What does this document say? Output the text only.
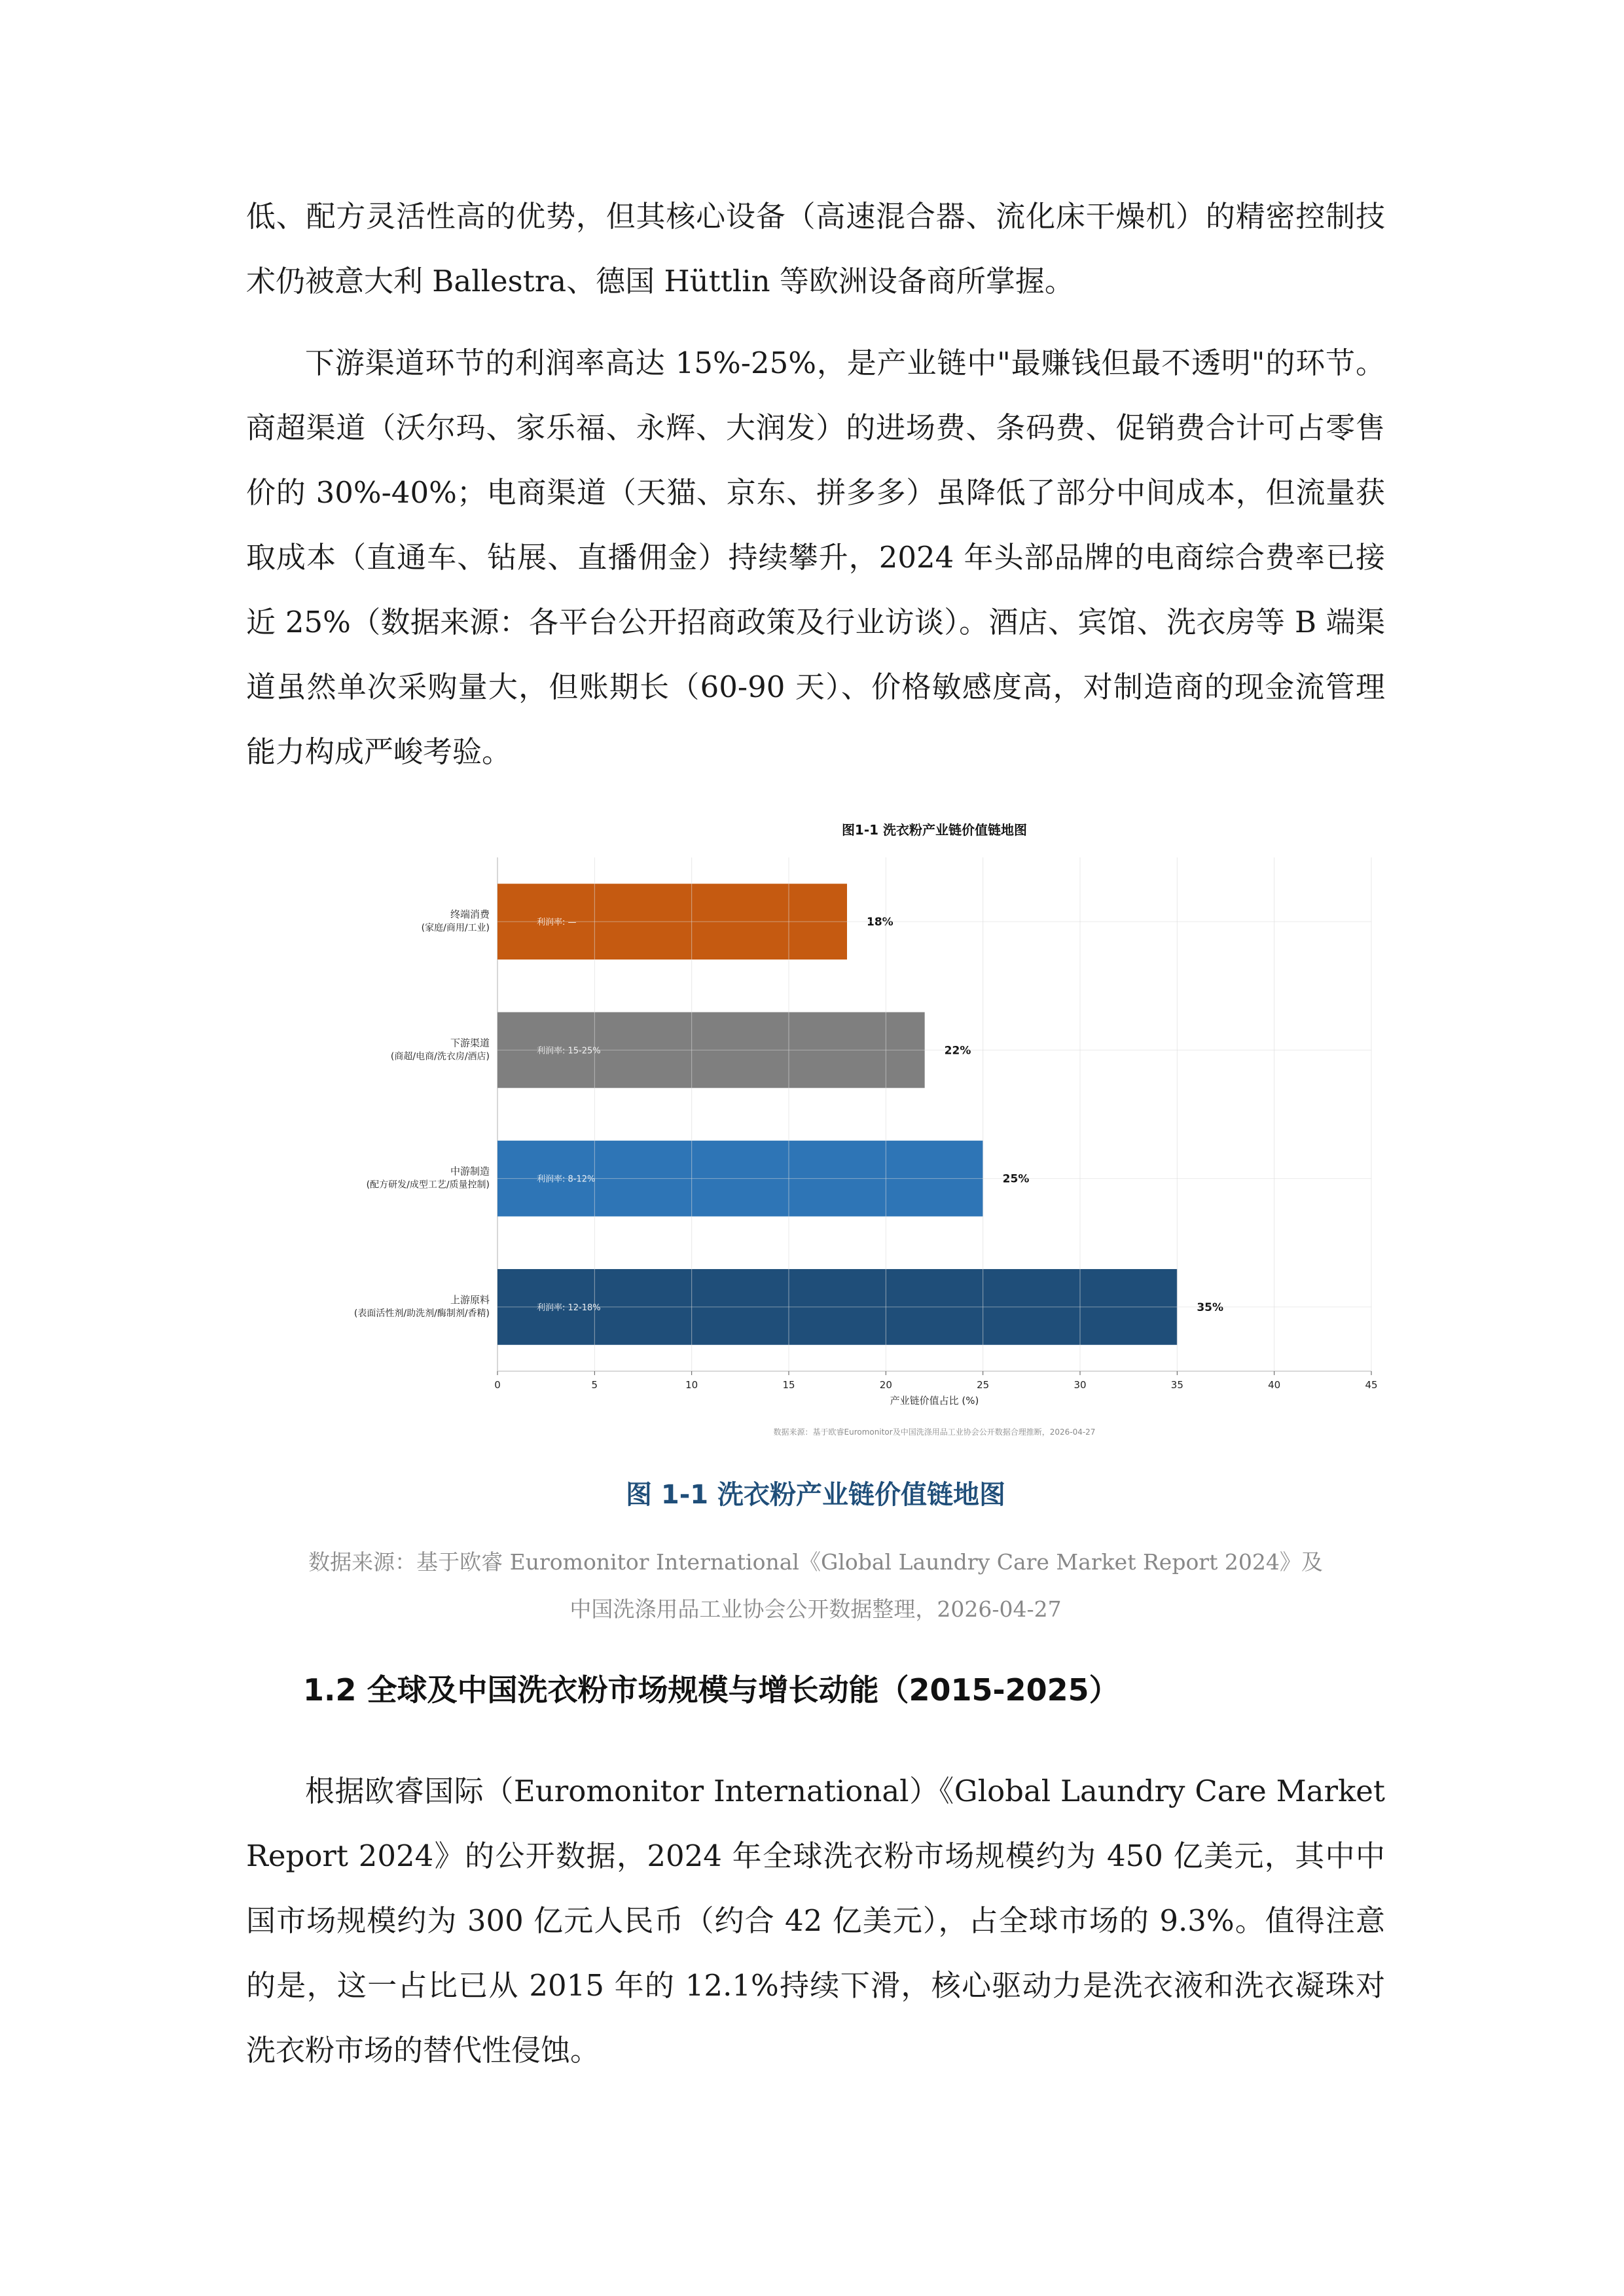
低、配方灵活性高的优势，但其核心设备（高速混合器、流化床干燥机）的精密控制技术仍被意大利 Ballestra、德国 Hüttlin 等欧洲设备商所掌握。

下游渠道环节的利润率高达 15%-25%，是产业链中"最赚钱但最不透明"的环节。商超渠道（沃尔玛、家乐福、永辉、大润发）的进场费、条码费、促销费合计可占零售价的 30%-40%；电商渠道（天猫、京东、拼多多）虽降低了部分中间成本，但流量获取成本（直通车、钻展、直播佣金）持续攀升，2024 年头部品牌的电商综合费率已接近 25%（数据来源：各平台公开招商政策及行业访谈）。酒店、宾馆、洗衣房等 B 端渠道虽然单次采购量大，但账期长（60-90 天）、价格敏感度高，对制造商的现金流管理能力构成严峻考验。

图1-1 洗衣粉产业链价值链地图
利润率: —	18%
终端消费
(家庭/商用/工业)
利润率: 15-25%	22%
下游渠道
(商超/电商/洗衣房/酒店)
利润率: 8-12%	25%
中游制造
(配方研发/成型工艺/质量控制)
利润率: 12-18%	35%
上游原料
(表面活性剂/助洗剂/酶制剂/香精)
0	5	10	15	20	25	30	35	40	45
产业链价值占比 (%)
数据来源：基于欧睿Euromonitor及中国洗涤用品工业协会公开数据合理推断，2026-04-27
图 1-1 洗衣粉产业链价值链地图
数据来源：基于欧睿 Euromonitor International《Global Laundry Care Market Report 2024》及
中国洗涤用品工业协会公开数据整理，2026-04-27
1.2 全球及中国洗衣粉市场规模与增长动能（2015-2025）

根据欧睿国际（Euromonitor International）《Global Laundry Care Market Report 2024》的公开数据，2024 年全球洗衣粉市场规模约为 450 亿美元，其中中国市场规模约为 300 亿元人民币（约合 42 亿美元），占全球市场的 9.3%。值得注意的是，这一占比已从 2015 年的 12.1%持续下滑，核心驱动力是洗衣液和洗衣凝珠对洗衣粉市场的替代性侵蚀。
